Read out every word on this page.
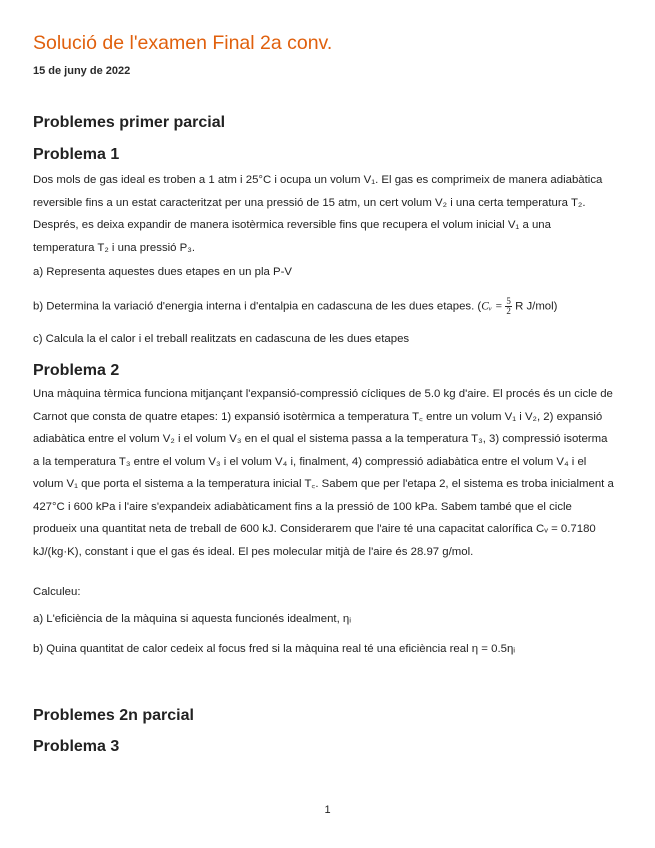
Solució de l'examen Final 2a conv.
15 de juny de 2022
Problemes primer parcial
Problema 1
Dos mols de gas ideal es troben a 1 atm i 25°C i ocupa un volum V₁. El gas es comprimeix de manera adiabàtica reversible fins a un estat caracteritzat per una pressió de 15 atm, un cert volum V₂ i una certa temperatura T₂. Després, es deixa expandir de manera isotèrmica reversible fins que recupera el volum inicial V₁ a una temperatura T₂ i una pressió P₃.
a) Representa aquestes dues etapes en un pla P-V
b) Determina la variació d'energia interna i d'entalpia en cadascuna de les dues etapes. (Cᵥ = $\frac{5}{2}$ R J/mol)
c) Calcula la el calor i el treball realitzats en cadascuna de les dues etapes
Problema 2
Una màquina tèrmica funciona mitjançant l'expansió-compressió cícliques de 5.0 kg d'aire. El procés és un cicle de Carnot que consta de quatre etapes: 1) expansió isotèrmica a temperatura T꜀ entre un volum V₁ i V₂, 2) expansió adiabàtica entre el volum V₂ i el volum V₃ en el qual el sistema passa a la temperatura T₃, 3) compressió isoterma a la temperatura T₃ entre el volum V₃ i el volum V₄ i, finalment, 4) compressió adiabàtica entre el volum V₄ i el volum V₁ que porta el sistema a la temperatura inicial T꜀. Sabem que per l'etapa 2, el sistema es troba inicialment a 427°C i 600 kPa i l'aire s'expandeix adiabàticament fins a la pressió de 100 kPa. Sabem també que el cicle produeix una quantitat neta de treball de 600 kJ. Considerarem que l'aire té una capacitat calorífica Cᵥ = 0.7180 kJ/(kg·K), constant i que el gas és ideal. El pes molecular mitjà de l'aire és 28.97 g/mol.
Calculeu:
a) L'eficiència de la màquina si aquesta funcionés idealment, ηᵢ
b) Quina quantitat de calor cedeix al focus fred si la màquina real té una eficiència real η = 0.5ηᵢ
Problemes 2n parcial
Problema 3
1
